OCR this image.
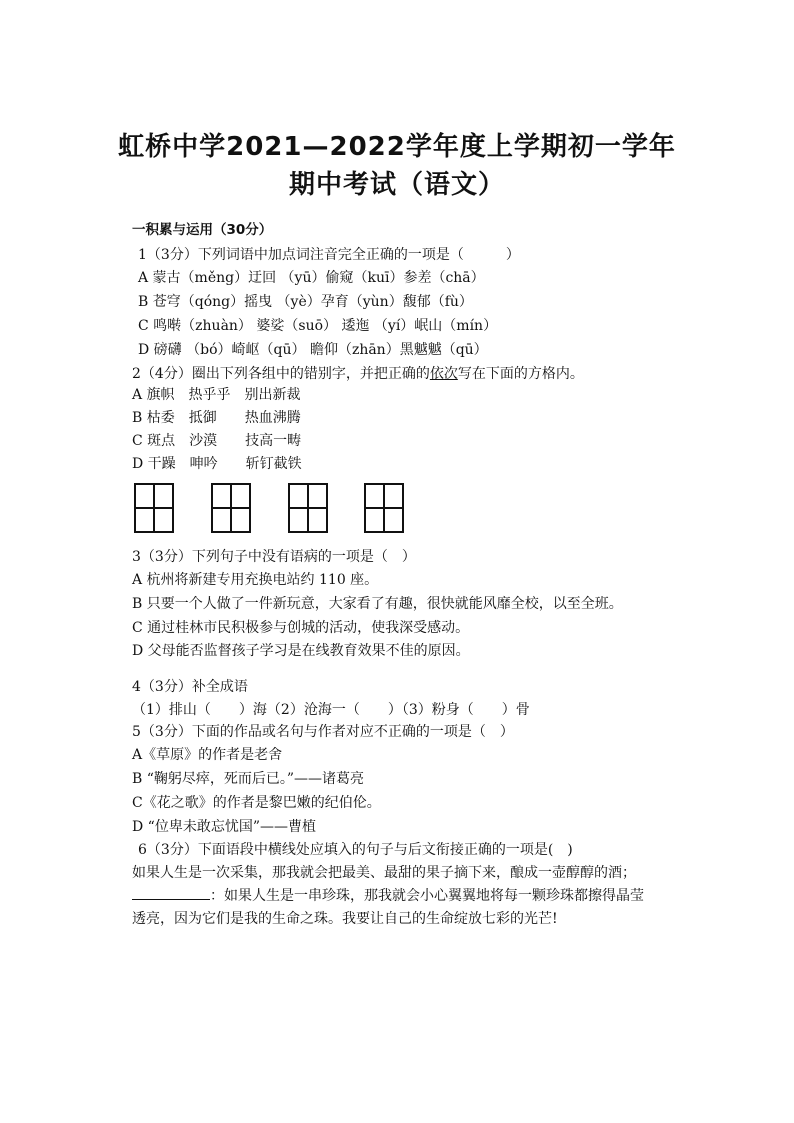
虹桥中学2021—2022学年度上学期初一学年
期中考试（语文）
一积累与运用（30分）
1（3分）下列词语中加点词注音完全正确的一项是（　　　）
A 蒙古（měng）迂回 （yū）偷窥（kuī）参差（chā）
B 苍穹（qóng）摇曳 （yè）孕育（yùn）馥郁（fù）
C 鸣啭（zhuàn） 婆娑（suō） 逶迤 （yí）岷山（mín）
D 磅礴 （bó）崎岖（qū） 瞻仰（zhān）黑魆魆（qū）
2（4分）圈出下列各组中的错别字，并把正确的依次写在下面的方格内。
A 旗帜　热乎乎　别出新裁
B 枯委　抵御　　热血沸腾
C 斑点　沙漠　　技高一畴
D 干躁　呻吟　　斩钉截铁
3（3分）下列句子中没有语病的一项是（　）
A 杭州将新建专用充换电站约 110 座。
B 只要一个人做了一件新玩意，大家看了有趣，很快就能风靡全校，以至全班。
C 通过桂林市民积极参与创城的活动，使我深受感动。
D 父母能否监督孩子学习是在线教育效果不佳的原因。
4（3分）补全成语
（1）排山（　　）海（2）沧海一（　　）（3）粉身（　　）骨
5（3分）下面的作品或名句与作者对应不正确的一项是（　）
A《草原》的作者是老舍
B “鞠躬尽瘁，死而后已。”——诸葛亮
C《花之歌》的作者是黎巴嫩的纪伯伦。
D “位卑未敢忘忧国”——曹植
6（3分）下面语段中横线处应填入的句子与后文衔接正确的一项是(　)
如果人生是一次采集，那我就会把最美、最甜的果子摘下来，酿成一壶醇醇的酒；：如果人生是一串珍珠，那我就会小心翼翼地将每一颗珍珠都擦得晶莹透亮，因为它们是我的生命之珠。我要让自己的生命绽放七彩的光芒!
